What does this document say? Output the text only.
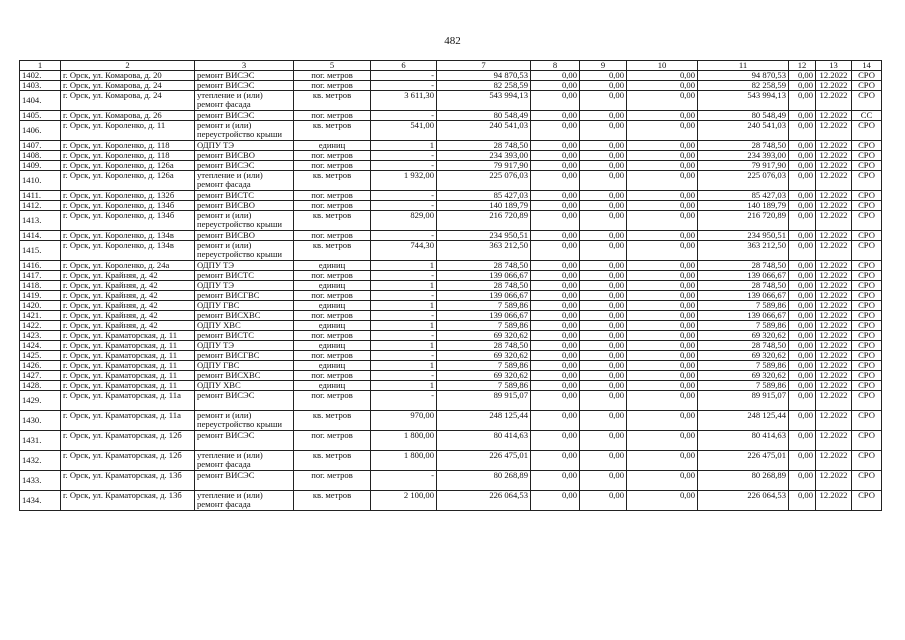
482
1	2	3	5	6	7	8	9	10	11	12	13	14
1402.	г. Орск, ул. Комарова, д. 20	ремонт ВИСЭС	пог. метров	-	94 870,53	0,00	0,00	0,00	94 870,53	0,00	12.2022	СРО
1403.	г. Орск, ул. Комарова, д. 24	ремонт ВИСЭС	пог. метров	-	82 258,59	0,00	0,00	0,00	82 258,59	0,00	12.2022	СРО
1404.	г. Орск, ул. Комарова, д. 24	утепление и (или) ремонт фасада	кв. метров	3 611,30	543 994,13	0,00	0,00	0,00	543 994,13	0,00	12.2022	СРО
1405.	г. Орск, ул. Комарова, д. 26	ремонт ВИСЭС	пог. метров	-	80 548,49	0,00	0,00	0,00	80 548,49	0,00	12.2022	СС
1406.	г. Орск, ул. Короленко, д. 11	ремонт и (или) переустройство крыши	кв. метров	541,00	240 541,03	0,00	0,00	0,00	240 541,03	0,00	12.2022	СРО
1407.	г. Орск, ул. Короленко, д. 118	ОДПУ ТЭ	единиц	1	28 748,50	0,00	0,00	0,00	28 748,50	0,00	12.2022	СРО
1408.	г. Орск, ул. Короленко, д. 118	ремонт ВИСВО	пог. метров	-	234 393,00	0,00	0,00	0,00	234 393,00	0,00	12.2022	СРО
1409.	г. Орск, ул. Короленко, д. 126а	ремонт ВИСЭС	пог. метров	-	79 917,90	0,00	0,00	0,00	79 917,90	0,00	12.2022	СРО
1410.	г. Орск, ул. Короленко, д. 126а	утепление и (или) ремонт фасада	кв. метров	1 932,00	225 076,03	0,00	0,00	0,00	225 076,03	0,00	12.2022	СРО
1411.	г. Орск, ул. Короленко, д. 132б	ремонт ВИСТС	пог. метров	-	85 427,03	0,00	0,00	0,00	85 427,03	0,00	12.2022	СРО
1412.	г. Орск, ул. Короленко, д. 134б	ремонт ВИСВО	пог. метров	-	140 189,79	0,00	0,00	0,00	140 189,79	0,00	12.2022	СРО
1413.	г. Орск, ул. Короленко, д. 134б	ремонт и (или) переустройство крыши	кв. метров	829,00	216 720,89	0,00	0,00	0,00	216 720,89	0,00	12.2022	СРО
1414.	г. Орск, ул. Короленко, д. 134в	ремонт ВИСВО	пог. метров	-	234 950,51	0,00	0,00	0,00	234 950,51	0,00	12.2022	СРО
1415.	г. Орск, ул. Короленко, д. 134в	ремонт и (или) переустройство крыши	кв. метров	744,30	363 212,50	0,00	0,00	0,00	363 212,50	0,00	12.2022	СРО
1416.	г. Орск, ул. Короленко, д. 24а	ОДПУ ТЭ	единиц	1	28 748,50	0,00	0,00	0,00	28 748,50	0,00	12.2022	СРО
1417.	г. Орск, ул. Крайняя, д. 42	ремонт ВИСТС	пог. метров	-	139 066,67	0,00	0,00	0,00	139 066,67	0,00	12.2022	СРО
1418.	г. Орск, ул. Крайняя, д. 42	ОДПУ ТЭ	единиц	1	28 748,50	0,00	0,00	0,00	28 748,50	0,00	12.2022	СРО
1419.	г. Орск, ул. Крайняя, д. 42	ремонт ВИСГВС	пог. метров	-	139 066,67	0,00	0,00	0,00	139 066,67	0,00	12.2022	СРО
1420.	г. Орск, ул. Крайняя, д. 42	ОДПУ ГВС	единиц	1	7 589,86	0,00	0,00	0,00	7 589,86	0,00	12.2022	СРО
1421.	г. Орск, ул. Крайняя, д. 42	ремонт ВИСХВС	пог. метров	-	139 066,67	0,00	0,00	0,00	139 066,67	0,00	12.2022	СРО
1422.	г. Орск, ул. Крайняя, д. 42	ОДПУ ХВС	единиц	1	7 589,86	0,00	0,00	0,00	7 589,86	0,00	12.2022	СРО
1423.	г. Орск, ул. Краматорская, д. 11	ремонт ВИСТС	пог. метров	-	69 320,62	0,00	0,00	0,00	69 320,62	0,00	12.2022	СРО
1424.	г. Орск, ул. Краматорская, д. 11	ОДПУ ТЭ	единиц	1	28 748,50	0,00	0,00	0,00	28 748,50	0,00	12.2022	СРО
1425.	г. Орск, ул. Краматорская, д. 11	ремонт ВИСГВС	пог. метров	-	69 320,62	0,00	0,00	0,00	69 320,62	0,00	12.2022	СРО
1426.	г. Орск, ул. Краматорская, д. 11	ОДПУ ГВС	единиц	1	7 589,86	0,00	0,00	0,00	7 589,86	0,00	12.2022	СРО
1427.	г. Орск, ул. Краматорская, д. 11	ремонт ВИСХВС	пог. метров	-	69 320,62	0,00	0,00	0,00	69 320,62	0,00	12.2022	СРО
1428.	г. Орск, ул. Краматорская, д. 11	ОДПУ ХВС	единиц	1	7 589,86	0,00	0,00	0,00	7 589,86	0,00	12.2022	СРО
1429.	г. Орск, ул. Краматорская, д. 11а	ремонт ВИСЭС	пог. метров	-	89 915,07	0,00	0,00	0,00	89 915,07	0,00	12.2022	СРО
1430.	г. Орск, ул. Краматорская, д. 11а	ремонт и (или) переустройство крыши	кв. метров	970,00	248 125,44	0,00	0,00	0,00	248 125,44	0,00	12.2022	СРО
1431.	г. Орск, ул. Краматорская, д. 12б	ремонт ВИСЭС	пог. метров	1 800,00	80 414,63	0,00	0,00	0,00	80 414,63	0,00	12.2022	СРО
1432.	г. Орск, ул. Краматорская, д. 12б	утепление и (или) ремонт фасада	кв. метров	1 800,00	226 475,01	0,00	0,00	0,00	226 475,01	0,00	12.2022	СРО
1433.	г. Орск, ул. Краматорская, д. 13б	ремонт ВИСЭС	пог. метров	-	80 268,89	0,00	0,00	0,00	80 268,89	0,00	12.2022	СРО
1434.	г. Орск, ул. Краматорская, д. 13б	утепление и (или) ремонт фасада	кв. метров	2 100,00	226 064,53	0,00	0,00	0,00	226 064,53	0,00	12.2022	СРО
